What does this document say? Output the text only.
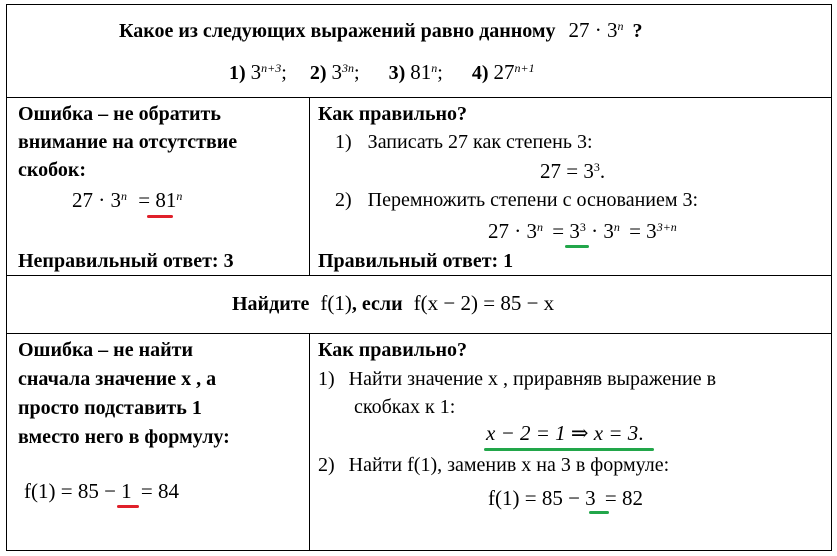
Какое из следующих выражений равно данному $27 \cdot 3^n$ ?
1) $3^{n+3}$; 2) $3^{3n}$; 3) 81$^n$; 4) $27^{n+1}$
Ошибка – не обратить
внимание на отсутствие
скобок:
$27 \cdot 3^n = 81^n$
Неправильный ответ: 3
Как правильно?
1) Записать 27 как степень 3:
$27 = 3^3$.
2) Перемножить степени с основанием 3:
$27 \cdot 3^n = 3^3 \cdot 3^n = 3^{3+n}$
Правильный ответ: 1
Найдите f(1), если f(x − 2) = 85 − x
Ошибка – не найти
сначала значение x , а
просто подставить 1
вместо него в формулу:
f(1) = 85 − 1 = 84
Как правильно?
1) Найти значение x , приравняв выражение в
скобках к 1:
x − 2 = 1 ⇒ x = 3.
2) Найти f(1), заменив x на 3 в формуле:
f(1) = 85 − 3 = 82
